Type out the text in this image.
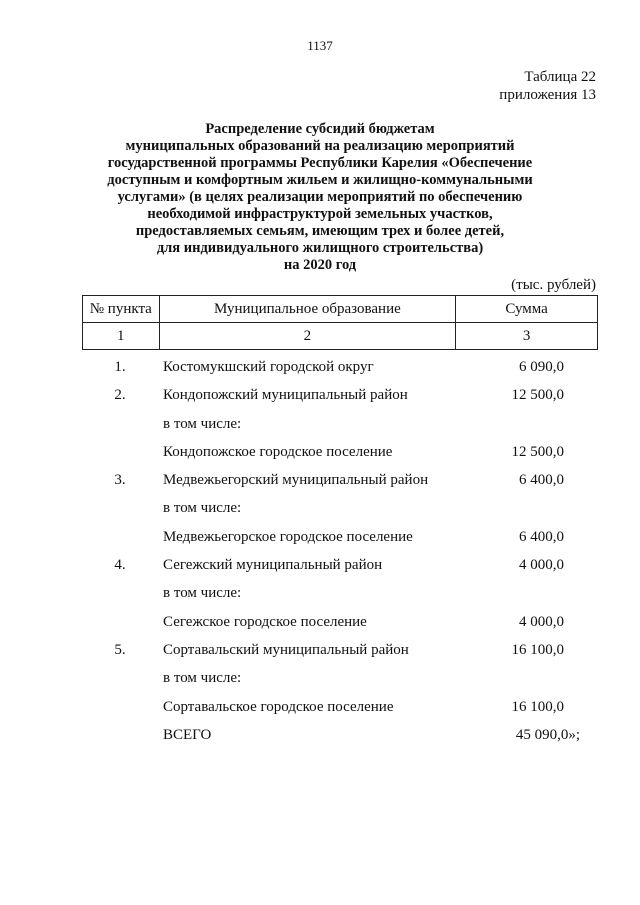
1137
Таблица 22
приложения 13
Распределение субсидий бюджетам
муниципальных образований на реализацию мероприятий
государственной программы Республики Карелия «Обеспечение
доступным и комфортным жильем и жилищно-коммунальными
услугами» (в целях реализации мероприятий по обеспечению
необходимой инфраструктурой земельных участков,
предоставляемых семьям, имеющим трех и более детей,
для индивидуального жилищного строительства)
на 2020 год
(тыс. рублей)
№ пункта	Муниципальное образование	Сумма
1	2	3
1.	Костомукшский городской округ	6 090,0
2.	Кондопожский муниципальный район	12 500,0
в том числе:
Кондопожское городское поселение	12 500,0
3.	Медвежьегорский муниципальный район	6 400,0
в том числе:
Медвежьегорское городское поселение	6 400,0
4.	Сегежский муниципальный район	4 000,0
в том числе:
Сегежское городское поселение	4 000,0
5.	Сортавальский муниципальный район	16 100,0
в том числе:
Сортавальское городское поселение	16 100,0
ВСЕГО	45 090,0»;
